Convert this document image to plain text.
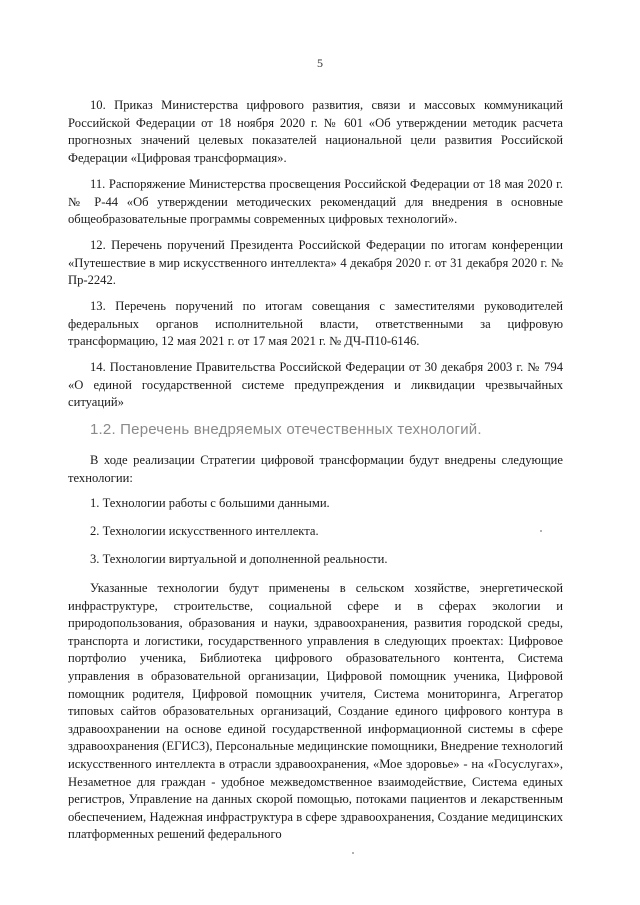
5

10. Приказ Министерства цифрового развития, связи и массовых коммуникаций Российской Федерации от 18 ноября 2020 г. № 601 «Об утверждении методик расчета прогнозных значений целевых показателей национальной цели развития Российской Федерации «Цифровая трансформация».

11. Распоряжение Министерства просвещения Российской Федерации от 18 мая 2020 г. № Р-44 «Об утверждении методических рекомендаций для внедрения в основные общеобразовательные программы современных цифровых технологий».

12. Перечень поручений Президента Российской Федерации по итогам конференции «Путешествие в мир искусственного интеллекта» 4 декабря 2020 г. от 31 декабря 2020 г. № Пр-2242.

13. Перечень поручений по итогам совещания с заместителями руководителей федеральных органов исполнительной власти, ответственными за цифровую трансформацию, 12 мая 2021 г. от 17 мая 2021 г. № ДЧ-П10-6146.

14. Постановление Правительства Российской Федерации от 30 декабря 2003 г. № 794 «О единой государственной системе предупреждения и ликвидации чрезвычайных ситуаций»

1.2. Перечень внедряемых отечественных технологий.

В ходе реализации Стратегии цифровой трансформации будут внедрены следующие технологии:

1. Технологии работы с большими данными.

2. Технологии искусственного интеллекта.

3. Технологии виртуальной и дополненной реальности.

Указанные технологии будут применены в сельском хозяйстве, энергетической инфраструктуре, строительстве, социальной сфере и в сферах экологии и природопользования, образования и науки, здравоохранения, развития городской среды, транспорта и логистики, государственного управления в следующих проектах: Цифровое портфолио ученика, Библиотека цифрового образовательного контента, Система управления в образовательной организации, Цифровой помощник ученика, Цифровой помощник родителя, Цифровой помощник учителя, Система мониторинга, Агрегатор типовых сайтов образовательных организаций, Создание единого цифрового контура в здравоохранении на основе единой государственной информационной системы в сфере здравоохранения (ЕГИСЗ), Персональные медицинские помощники, Внедрение технологий искусственного интеллекта в отрасли здравоохранения, «Мое здоровье» - на «Госуслугах», Незаметное для граждан - удобное межведомственное взаимодействие, Система единых регистров, Управление на данных скорой помощью, потоками пациентов и лекарственным обеспечением, Надежная инфраструктура в сфере здравоохранения, Создание медицинских платформенных решений федерального
